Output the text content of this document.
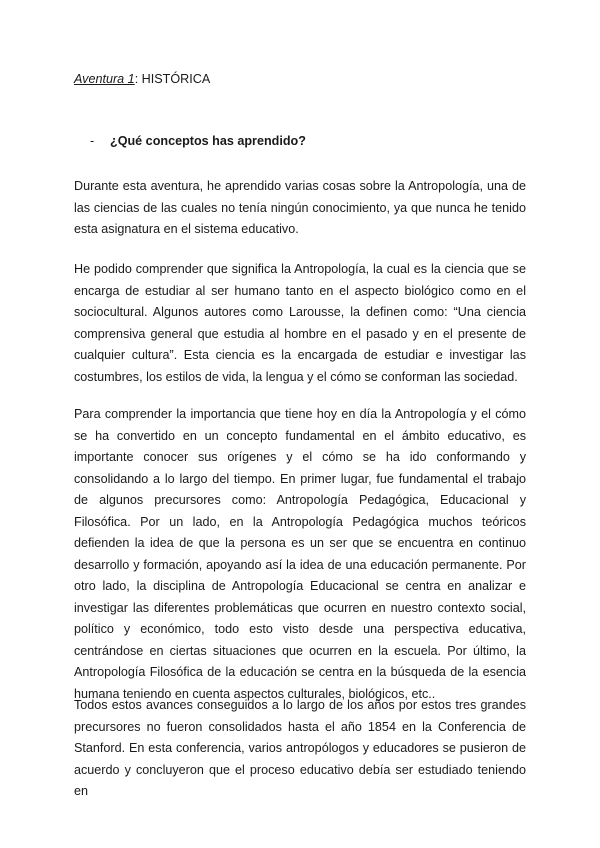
Aventura 1: HISTÓRICA
- ¿Qué conceptos has aprendido?

Durante esta aventura, he aprendido varias cosas sobre la Antropología, una de las ciencias de las cuales no tenía ningún conocimiento, ya que nunca he tenido esta asignatura en el sistema educativo.

He podido comprender que significa la Antropología, la cual es la ciencia que se encarga de estudiar al ser humano tanto en el aspecto biológico como en el sociocultural. Algunos autores como Larousse, la definen como: “Una ciencia comprensiva general que estudia al hombre en el pasado y en el presente de cualquier cultura”. Esta ciencia es la encargada de estudiar e investigar las costumbres, los estilos de vida, la lengua y el cómo se conforman las sociedad.

Para comprender la importancia que tiene hoy en día la Antropología y el cómo se ha convertido en un concepto fundamental en el ámbito educativo, es importante conocer sus orígenes y el cómo se ha ido conformando y consolidando a lo largo del tiempo. En primer lugar, fue fundamental el trabajo de algunos precursores como: Antropología Pedagógica, Educacional y Filosófica. Por un lado, en la Antropología Pedagógica muchos teóricos defienden la idea de que la persona es un ser que se encuentra en continuo desarrollo y formación, apoyando así la idea de una educación permanente. Por otro lado, la disciplina de Antropología Educacional se centra en analizar e investigar las diferentes problemáticas que ocurren en nuestro contexto social, político y económico, todo esto visto desde una perspectiva educativa, centrándose en ciertas situaciones que ocurren en la escuela. Por último, la Antropología Filosófica de la educación se centra en la búsqueda de la esencia humana teniendo en cuenta aspectos culturales, biológicos, etc..

Todos estos avances conseguidos a lo largo de los años por estos tres grandes precursores no fueron consolidados hasta el año 1854 en la Conferencia de Stanford. En esta conferencia, varios antropólogos y educadores se pusieron de acuerdo y concluyeron que el proceso educativo debía ser estudiado teniendo en
